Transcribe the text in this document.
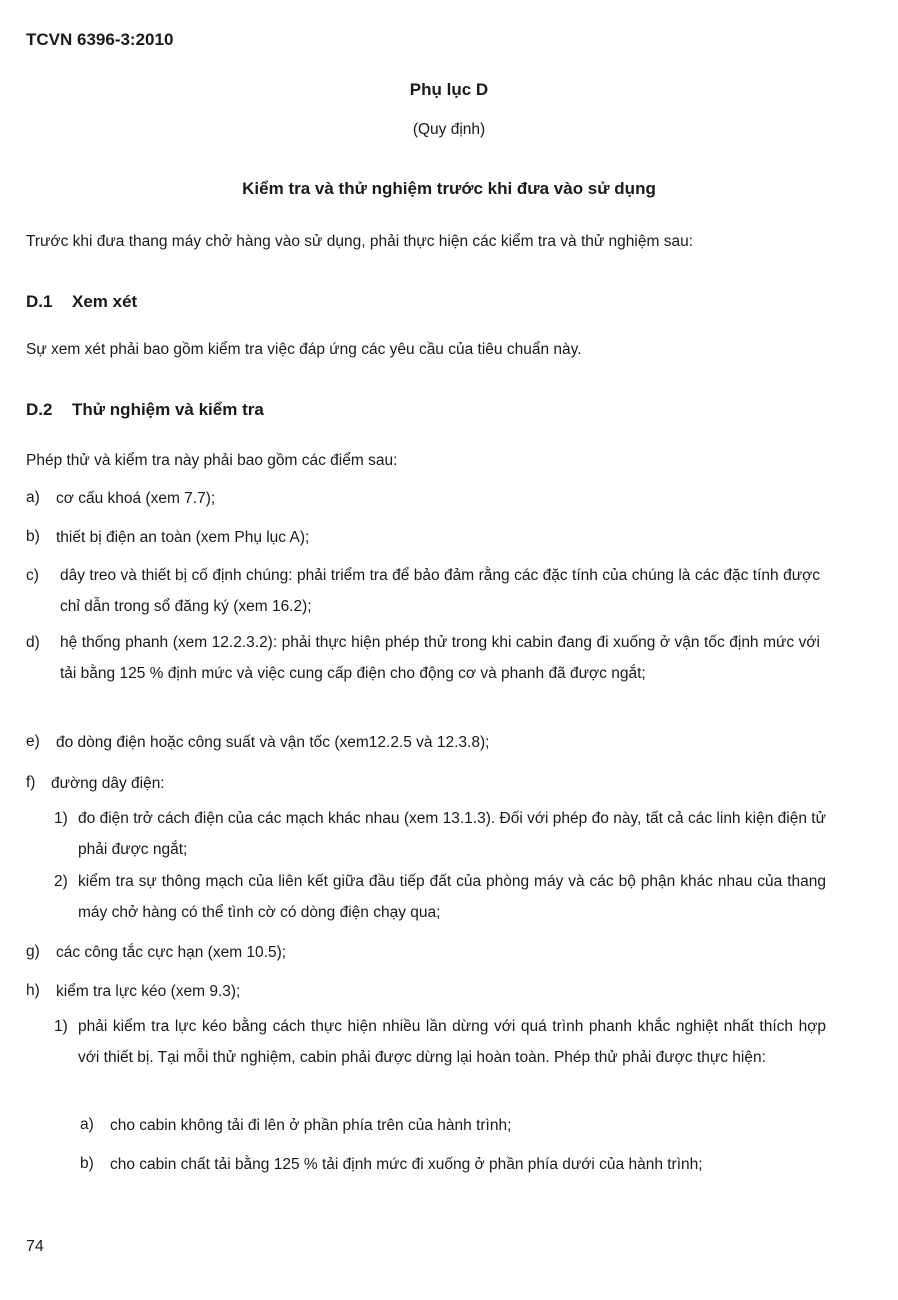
TCVN 6396-3:2010
Phụ lục D
(Quy định)
Kiểm tra và thử nghiệm trước khi đưa vào sử dụng
Trước khi đưa thang máy chở hàng vào sử dụng, phải thực hiện các kiểm tra và thử nghiệm sau:
D.1 Xem xét
Sự xem xét phải bao gồm kiểm tra việc đáp ứng các yêu cầu của tiêu chuẩn này.
D.2 Thử nghiệm và kiểm tra
Phép thử và kiểm tra này phải bao gồm các điểm sau:
a) cơ cấu khoá (xem 7.7);
b) thiết bị điện an toàn (xem Phụ lục A);
c) dây treo và thiết bị cố định chúng: phải triểm tra để bảo đảm rằng các đặc tính của chúng là các đặc tính được chỉ dẫn trong sổ đăng ký (xem 16.2);
d) hệ thống phanh (xem 12.2.3.2): phải thực hiện phép thử trong khi cabin đang đi xuống ở vận tốc định mức với tải bằng 125 % định mức và việc cung cấp điện cho động cơ và phanh đã được ngắt;
e) đo dòng điện hoặc công suất và vận tốc (xem12.2.5 và 12.3.8);
f) đường dây điện:
1) đo điện trở cách điện của các mạch khác nhau (xem 13.1.3). Đối với phép đo này, tất cả các linh kiện điện tử phải được ngắt;
2) kiểm tra sự thông mạch của liên kết giữa đầu tiếp đất của phòng máy và các bộ phận khác nhau của thang máy chở hàng có thể tình cờ có dòng điện chạy qua;
g) các công tắc cực hạn (xem 10.5);
h) kiểm tra lực kéo (xem 9.3);
1) phải kiểm tra lực kéo bằng cách thực hiện nhiều lần dừng với quá trình phanh khắc nghiệt nhất thích hợp với thiết bị. Tại mỗi thử nghiệm, cabin phải được dừng lại hoàn toàn. Phép thử phải được thực hiện:
a) cho cabin không tải đi lên ở phần phía trên của hành trình;
b) cho cabin chất tải bằng 125 % tải định mức đi xuống ở phần phía dưới của hành trình;
74
